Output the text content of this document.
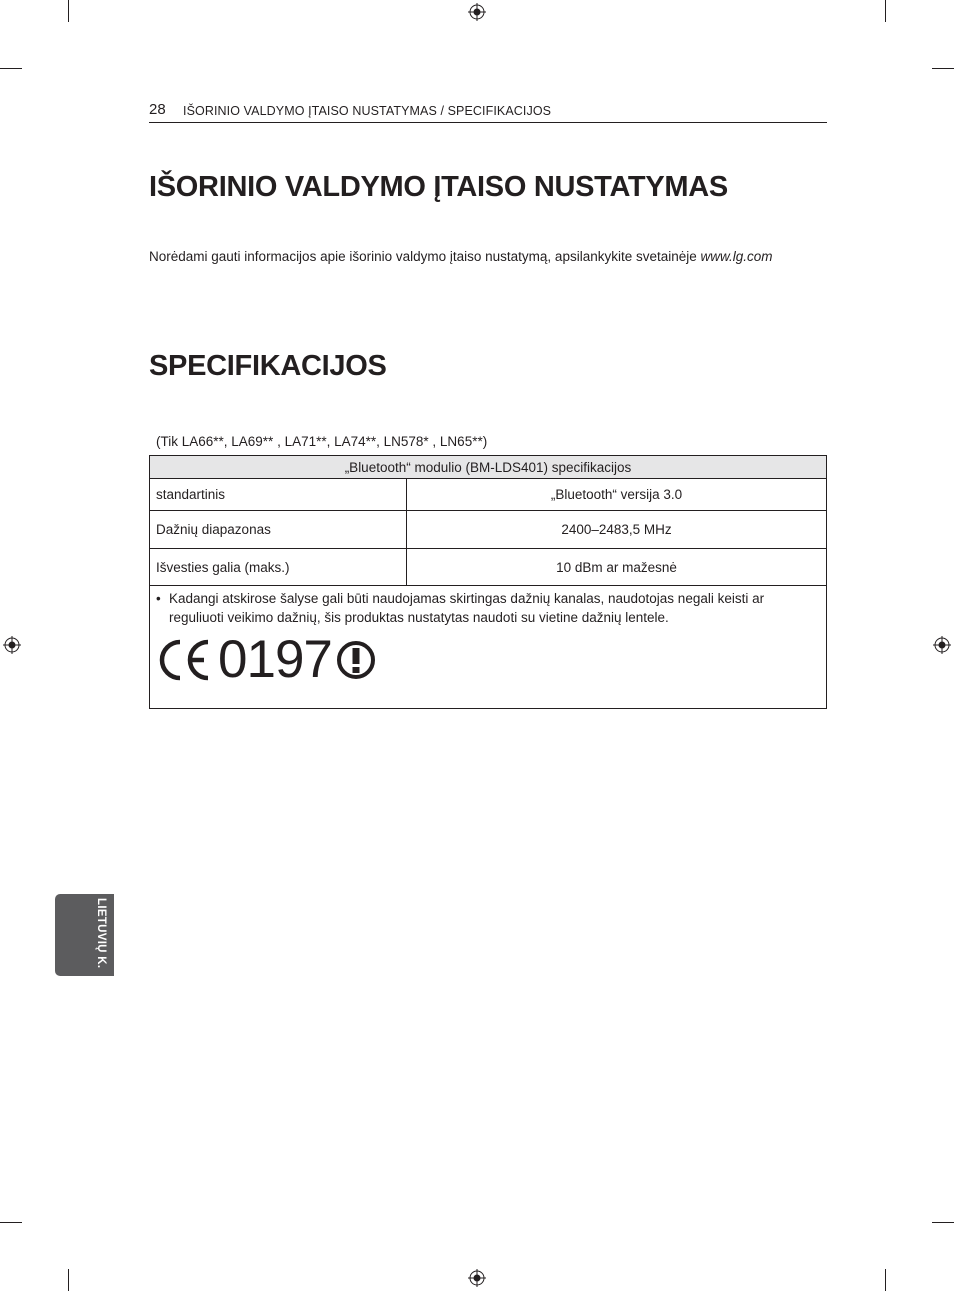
28 IŠORINIO VALDYMO ĮTAISO NUSTATYMAS / SPECIFIKACIJOS
IŠORINIO VALDYMO ĮTAISO NUSTATYMAS
Norėdami gauti informacijos apie išorinio valdymo įtaiso nustatymą, apsilankykite svetainėje www.lg.com
SPECIFIKACIJOS
(Tik LA66**, LA69** , LA71**, LA74**, LN578* , LN65**)
„Bluetooth“ modulio (BM-LDS401) specifikacijos	
standartinis	„Bluetooth“ versija 3.0
Dažnių diapazonas	2400–2483,5 MHz
Išvesties galia (maks.)	10 dBm ar mažesnė

• Kadangi atskirose šalyse gali būti naudojamas skirtingas dažnių kanalas, naudotojas negali keisti ar reguliuoti veikimo dažnių, šis produktas nustatytas naudoti su vietine dažnių lentele.
0197	
LIETUVIŲ K.
